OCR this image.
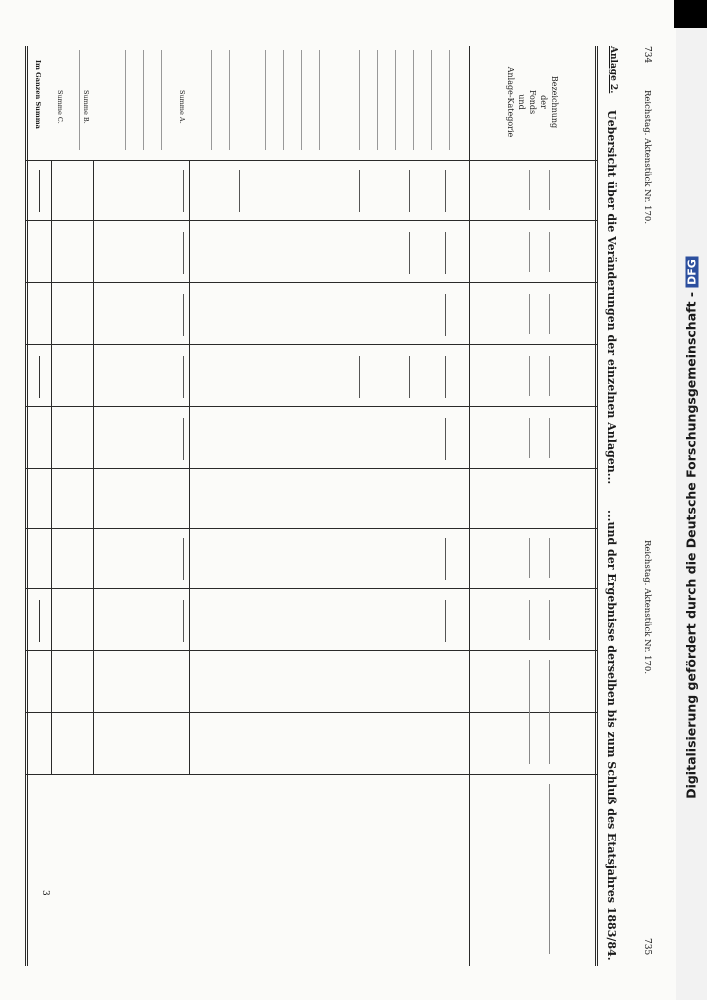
Digitalisierung gefördert durch die Deutsche Forschungsgemeinschaft -DFG
734
Reichstag. Aktenstück Nr. 170.
Reichstag. Aktenstück Nr. 170.
735
Anlage 2.
Uebersicht über die Veränderungen der einzelnen Anlagen...
...und der Ergebnisse derselben bis zum Schluß des Etatsjahres 1883/84.
3
Bezeichnung
der
Fonds
und
Anlage-Kategorie
Summe A.
Summe B.
Summe C.
Im Ganzen Summa
